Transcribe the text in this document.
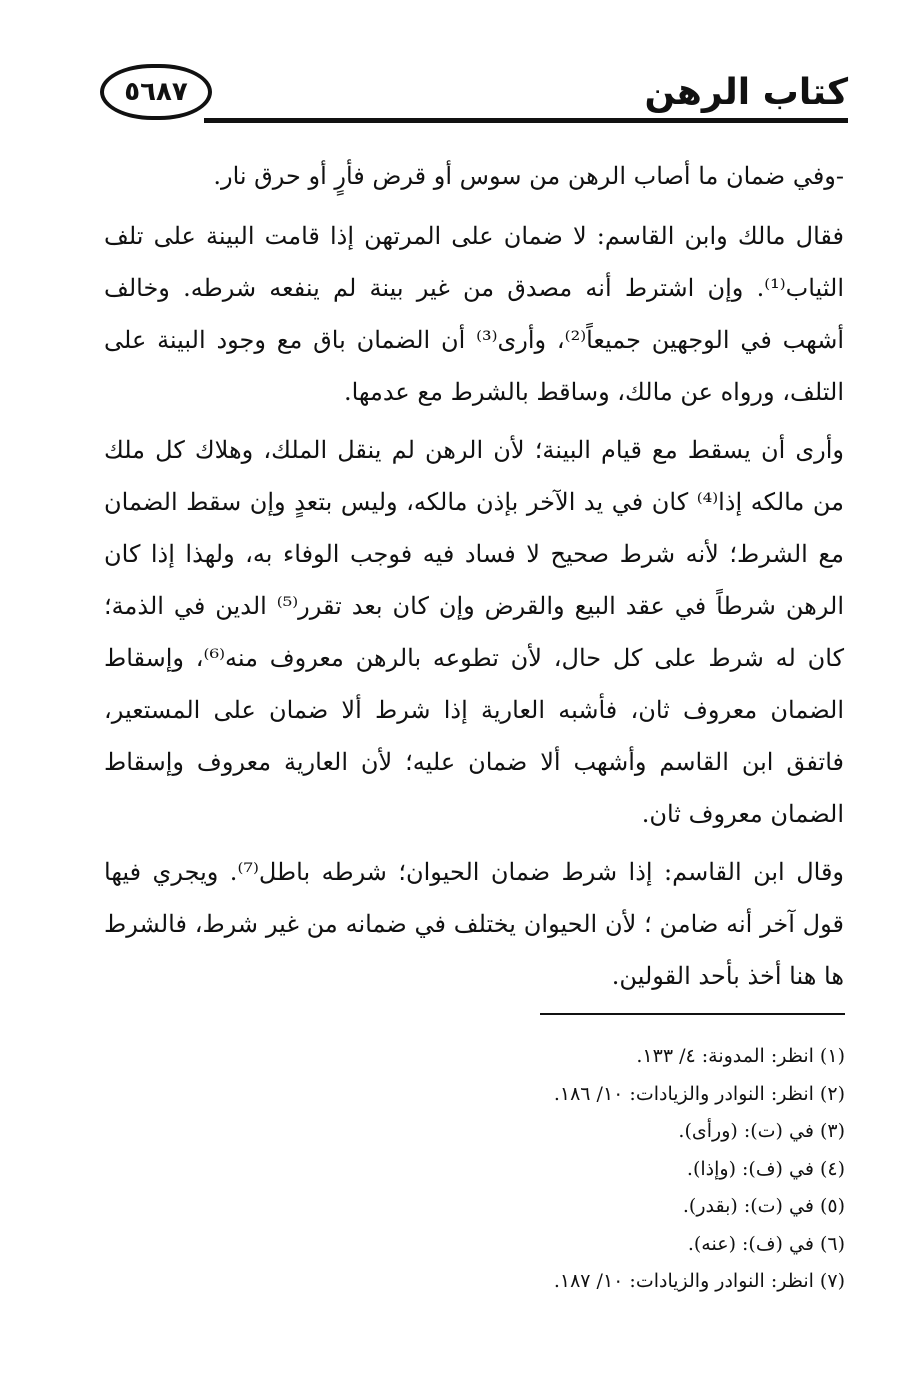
كتاب الرهن
٥٦٨٧

-وفي ضمان ما أصاب الرهن من سوس أو قرض فأرٍ أو حرق نار.

فقال مالك وابن القاسم: لا ضمان على المرتهن إذا قامت البينة على تلف الثياب⁽¹⁾. وإن اشترط أنه مصدق من غير بينة لم ينفعه شرطه. وخالف أشهب في الوجهين جميعاً⁽²⁾، وأرى⁽³⁾ أن الضمان باق مع وجود البينة على التلف، ورواه عن مالك، وساقط بالشرط مع عدمها.

وأرى أن يسقط مع قيام البينة؛ لأن الرهن لم ينقل الملك، وهلاك كل ملك من مالكه إذا⁽⁴⁾ كان في يد الآخر بإذن مالكه، وليس بتعدٍ وإن سقط الضمان مع الشرط؛ لأنه شرط صحيح لا فساد فيه فوجب الوفاء به، ولهذا إذا كان الرهن شرطاً في عقد البيع والقرض وإن كان بعد تقرر⁽⁵⁾ الدين في الذمة؛ كان له شرط على كل حال، لأن تطوعه بالرهن معروف منه⁽⁶⁾، وإسقاط الضمان معروف ثان، فأشبه العارية إذا شرط ألا ضمان على المستعير، فاتفق ابن القاسم وأشهب ألا ضمان عليه؛ لأن العارية معروف وإسقاط الضمان معروف ثان.

وقال ابن القاسم: إذا شرط ضمان الحيوان؛ شرطه باطل⁽⁷⁾. ويجري فيها قول آخر أنه ضامن ؛ لأن الحيوان يختلف في ضمانه من غير شرط، فالشرط ها هنا أخذ بأحد القولين.

(١) انظر: المدونة: ٤/ ١٣٣.
(٢) انظر: النوادر والزيادات: ١٠/ ١٨٦.
(٣) في (ت): (ورأى).
(٤) في (ف): (وإذا).
(٥) في (ت): (بقدر).
(٦) في (ف): (عنه).
(٧) انظر: النوادر والزيادات: ١٠/ ١٨٧.
